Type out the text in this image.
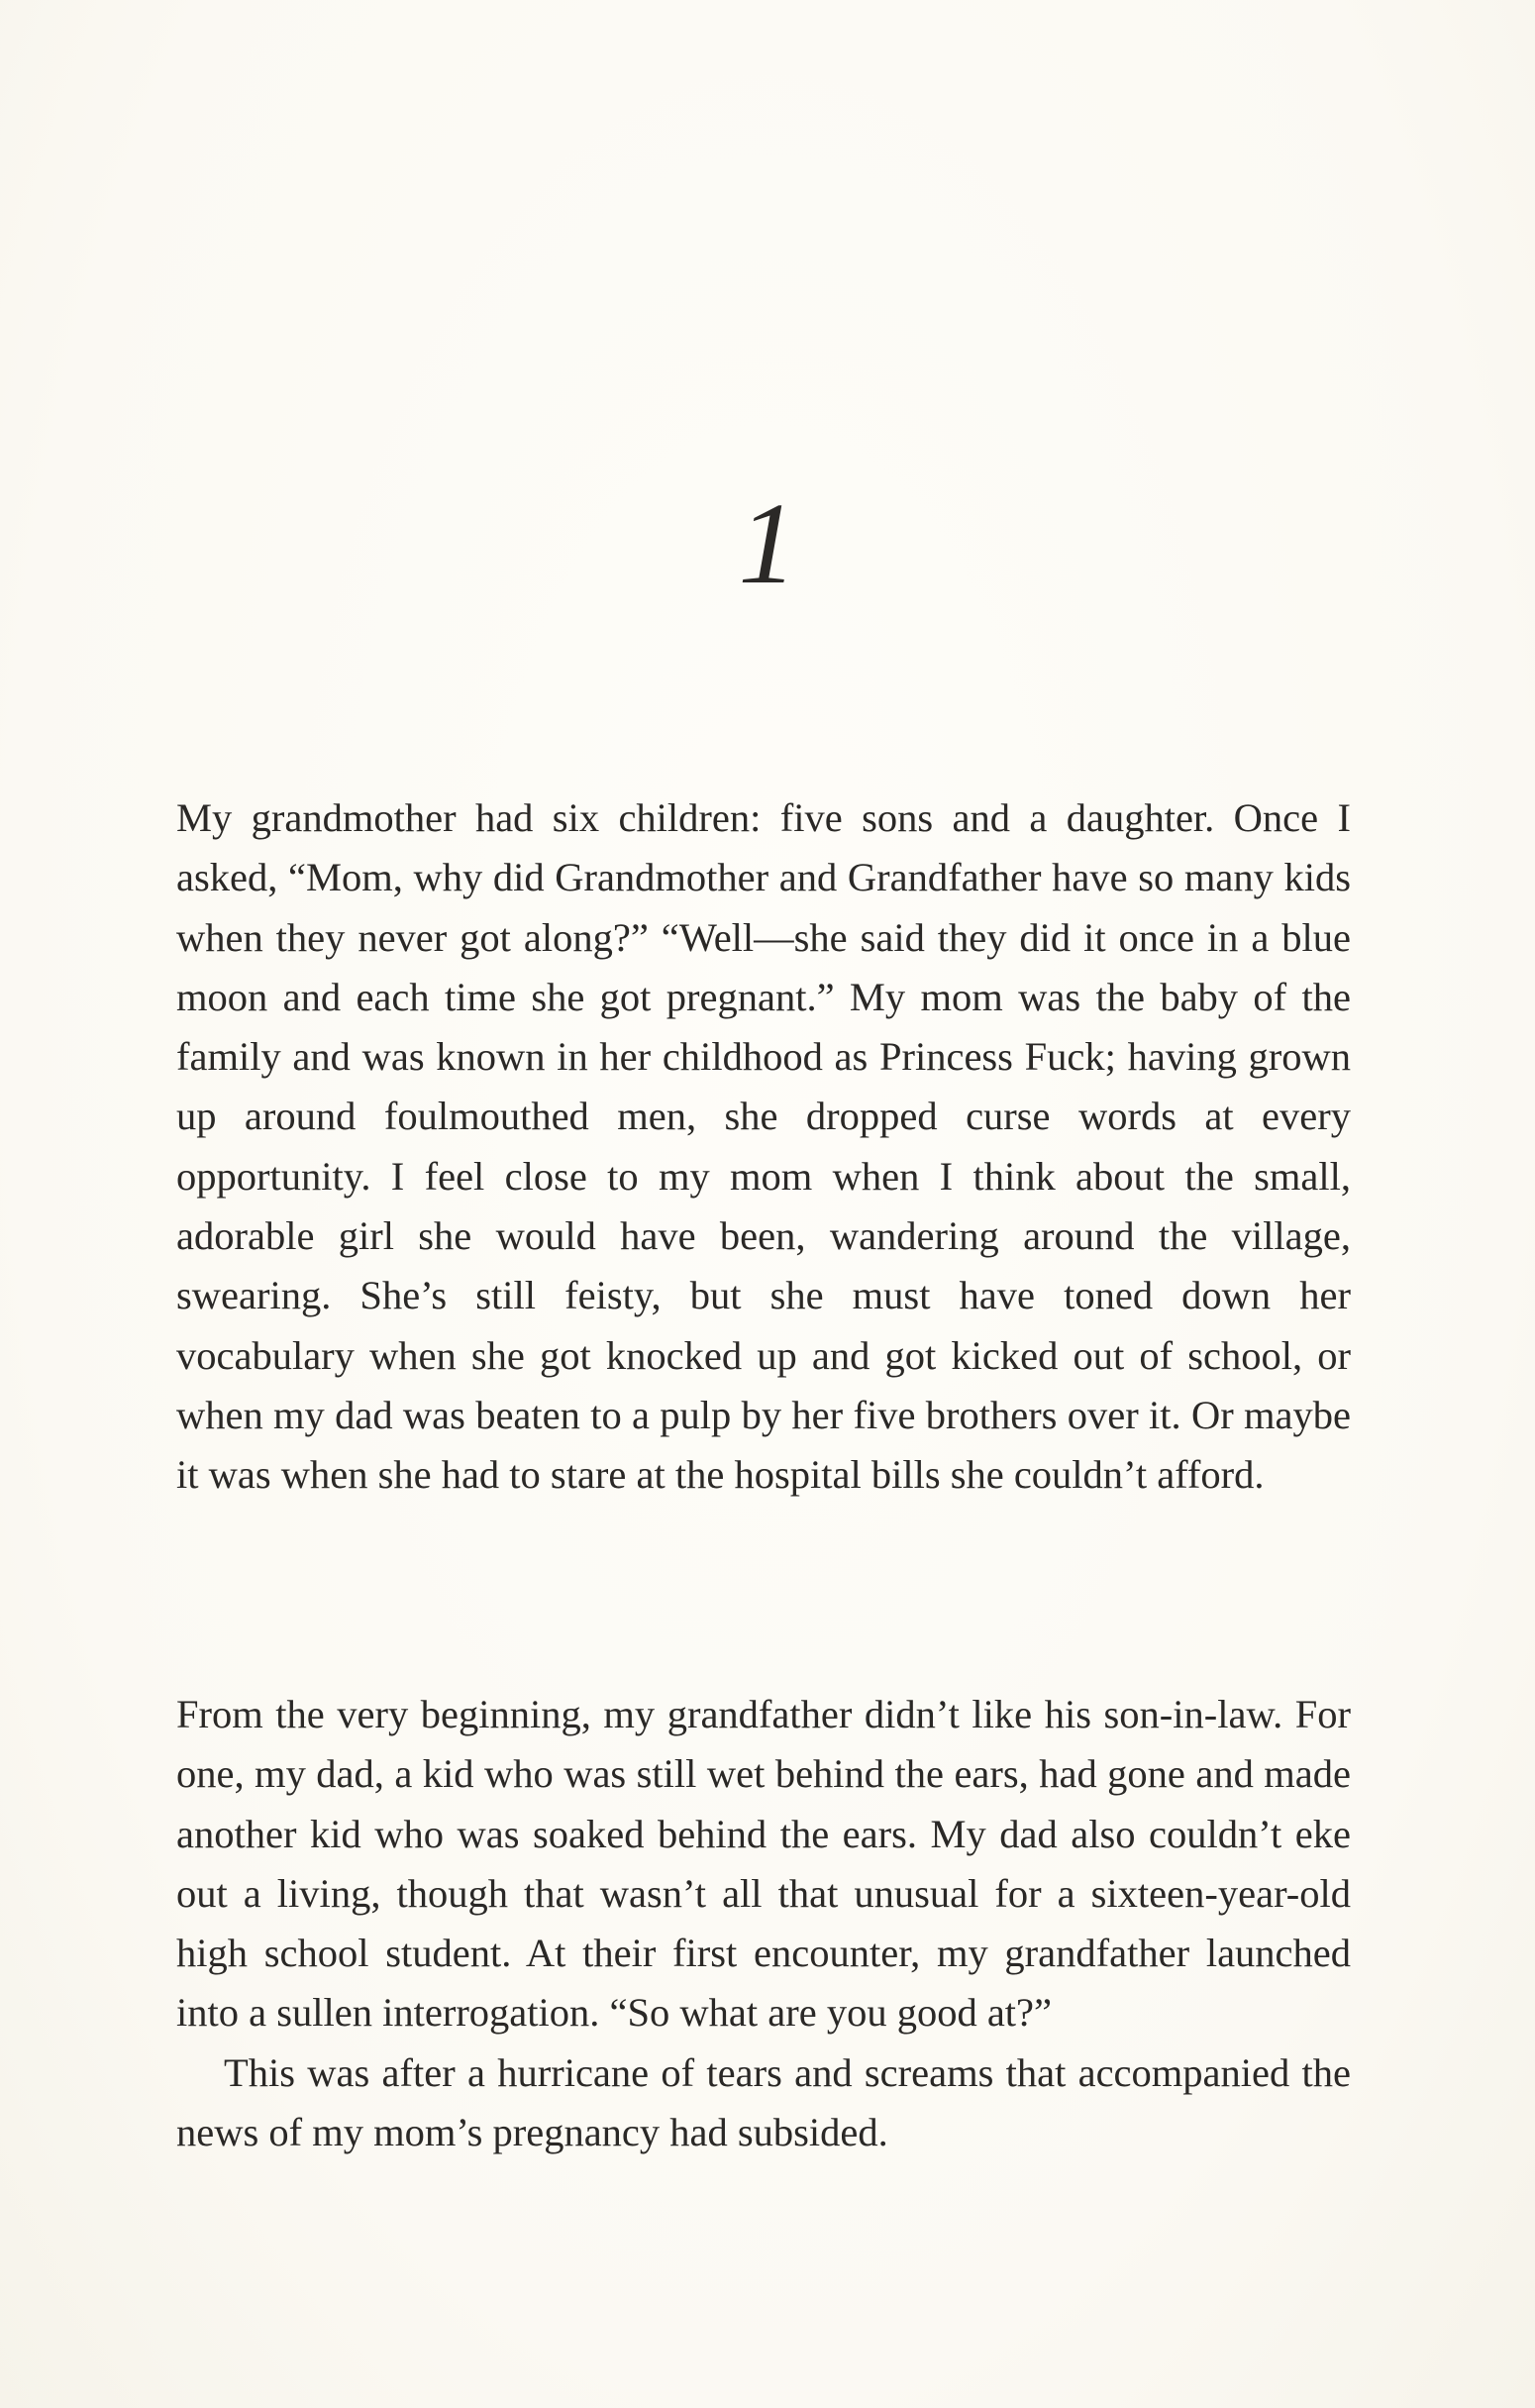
1

My grandmother had six children: five sons and a daughter. Once I asked, “Mom, why did Grandmother and Grandfather have so many kids when they never got along?” “Well—she said they did it once in a blue moon and each time she got pregnant.” My mom was the baby of the family and was known in her childhood as Princess Fuck; having grown up around foulmouthed men, she dropped curse words at every opportunity. I feel close to my mom when I think about the small, adorable girl she would have been, wandering around the village, swearing. She’s still feisty, but she must have toned down her vocabulary when she got knocked up and got kicked out of school, or when my dad was beaten to a pulp by her five brothers over it. Or maybe it was when she had to stare at the hospital bills she couldn’t afford.

From the very beginning, my grandfather didn’t like his son-in-law. For one, my dad, a kid who was still wet behind the ears, had gone and made another kid who was soaked behind the ears. My dad also couldn’t eke out a living, though that wasn’t all that unusual for a sixteen-year-old high school student. At their first encounter, my grandfather launched into a sullen interrogation. “So what are you good at?”

This was after a hurricane of tears and screams that accompanied the news of my mom’s pregnancy had subsided.
